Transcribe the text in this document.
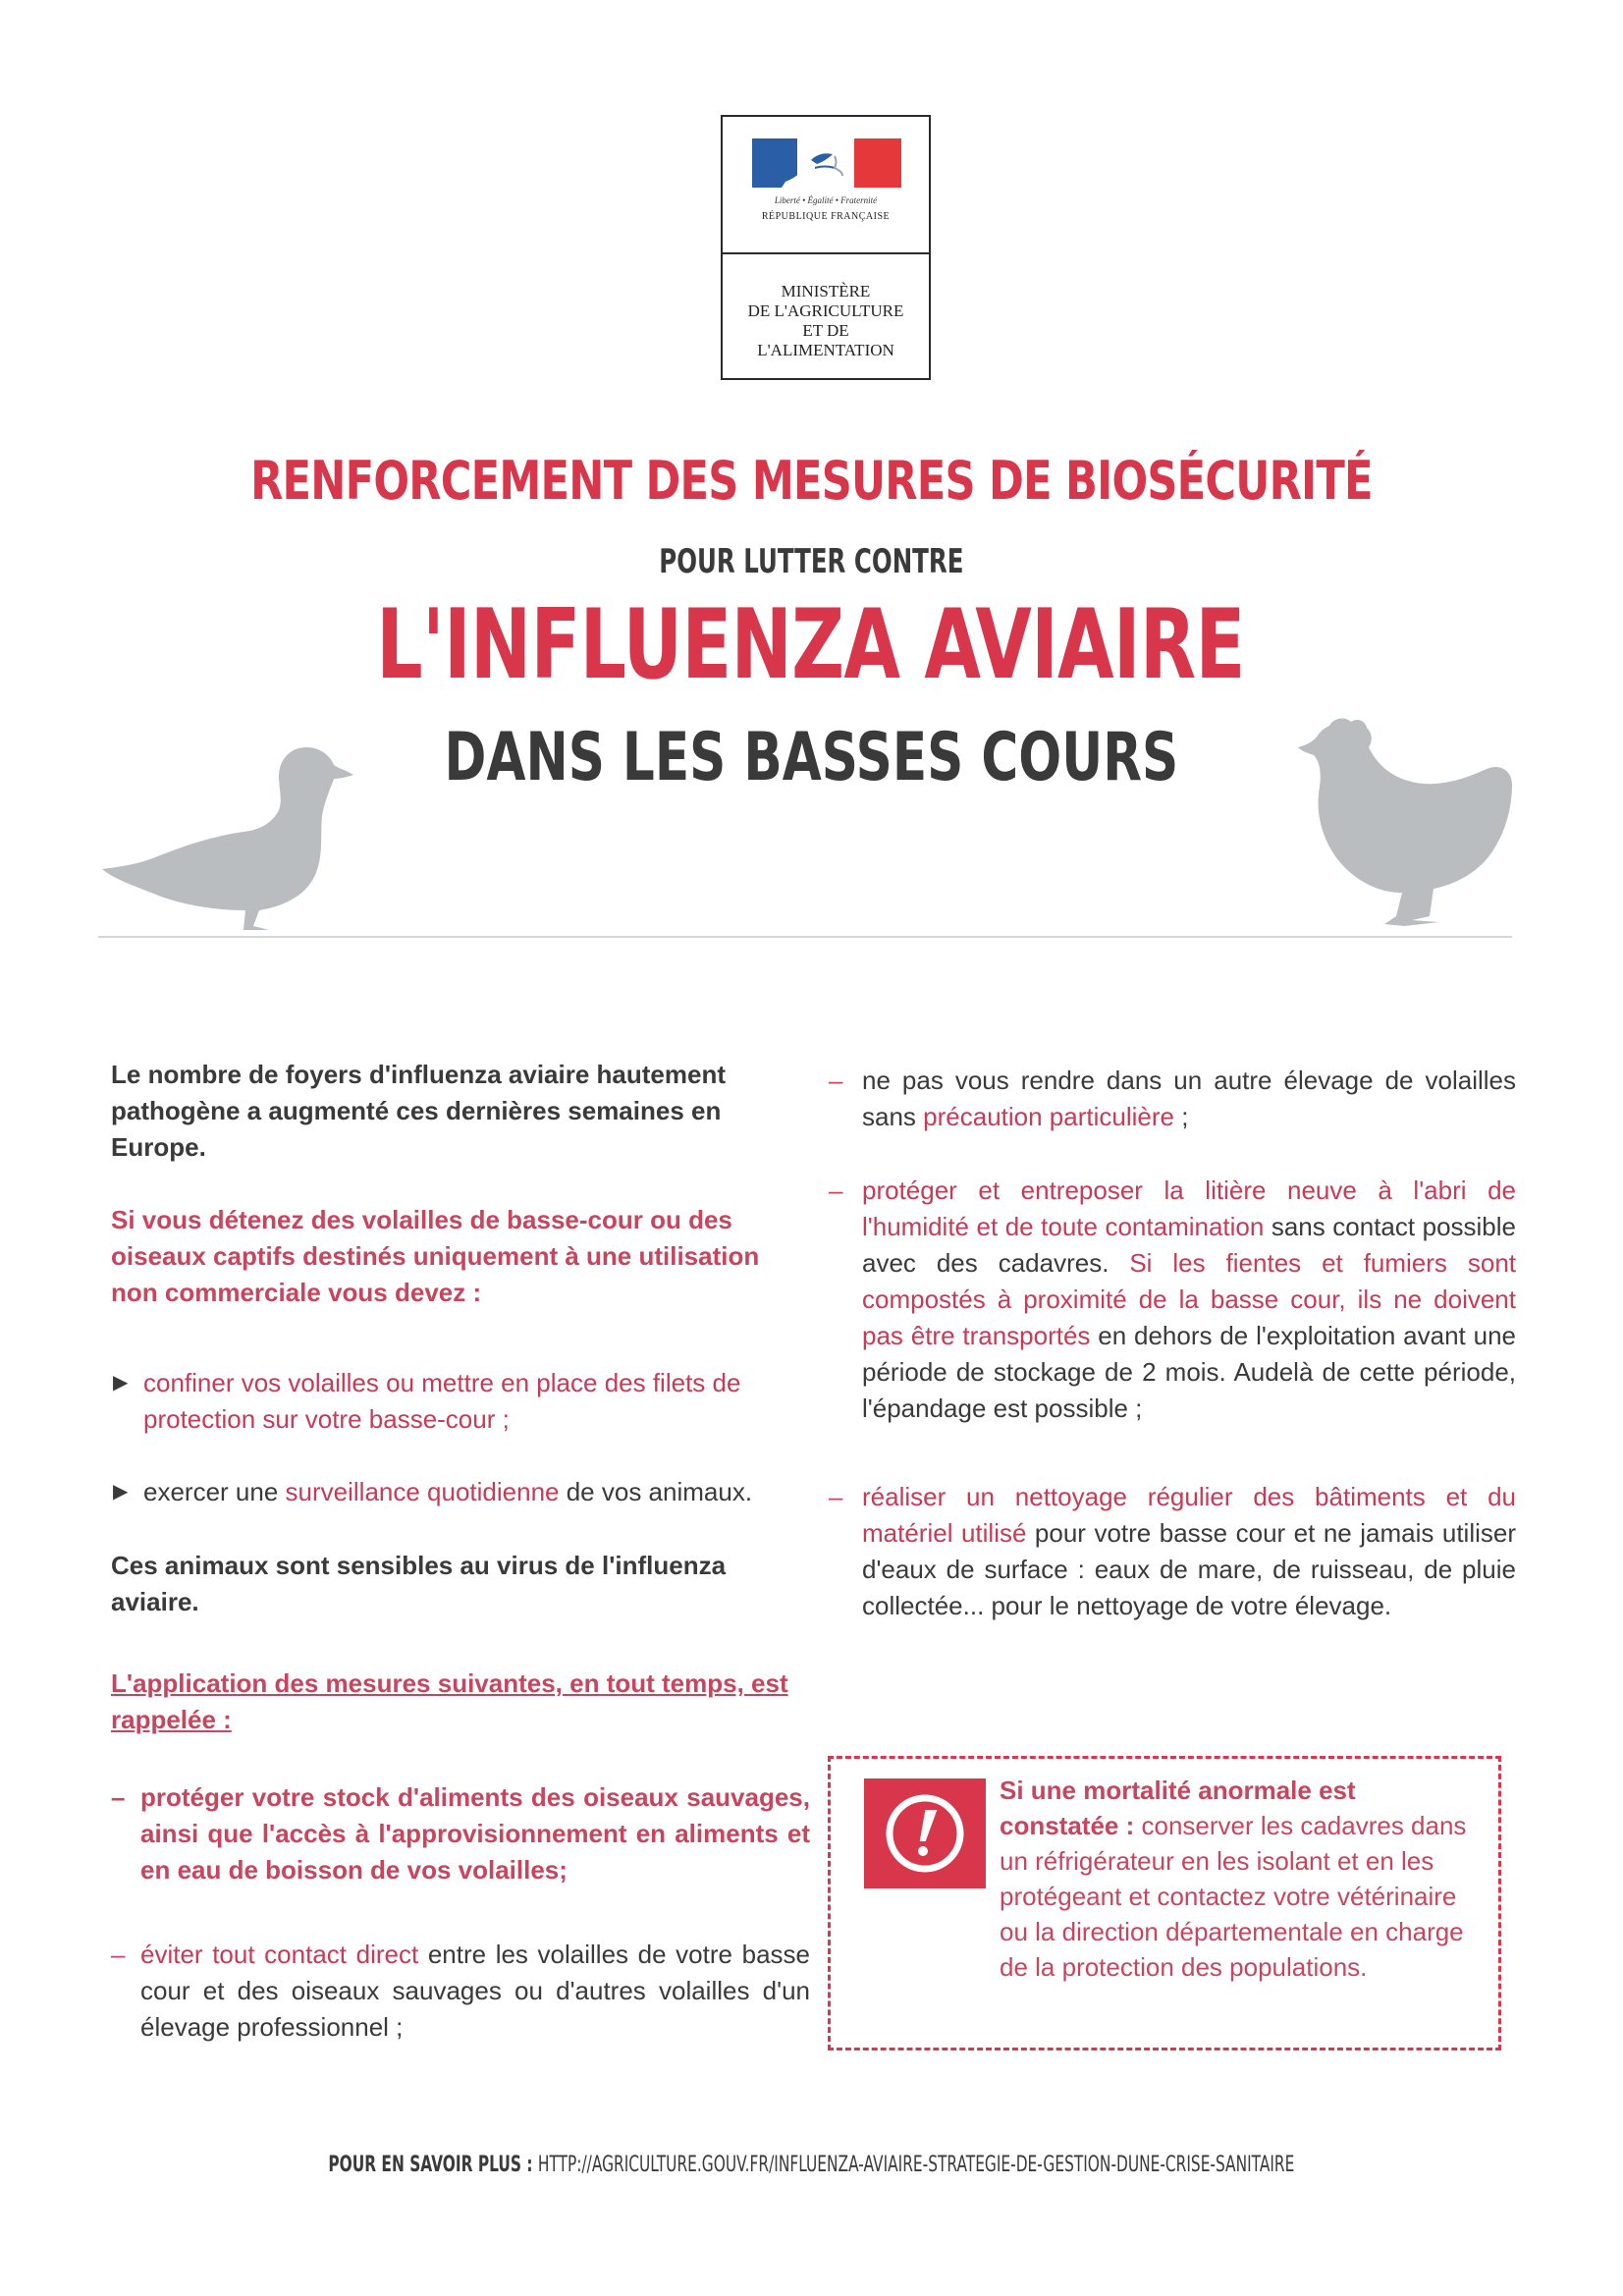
Liberté • Égalité • Fraternité
RÉPUBLIQUE FRANÇAISE
MINISTÈRE
DE L'AGRICULTURE
ET DE
L'ALIMENTATION
RENFORCEMENT DES MESURES DE BIOSÉCURITÉ
POUR LUTTER CONTRE
L'INFLUENZA AVIAIRE
DANS LES BASSES COURS
Le nombre de foyers d'influenza aviaire hautement pathogène a augmenté ces dernières semaines en Europe.
Si vous détenez des volailles de basse-cour ou des oiseaux captifs destinés uniquement à une utilisation non commerciale vous devez :
▶ confiner vos volailles ou mettre en place des filets de protection sur votre basse-cour ;
▶ exercer une surveillance quotidienne de vos animaux.
Ces animaux sont sensibles au virus de l'influenza aviaire.
L'application des mesures suivantes, en tout temps, est rappelée :
– protéger votre stock d'aliments des oiseaux sauvages, ainsi que l'accès à l'approvisionnement en aliments et en eau de boisson de vos volailles;
– éviter tout contact direct entre les volailles de votre basse cour et des oiseaux sauvages ou d'autres volailles d'un élevage professionnel ;
– ne pas vous rendre dans un autre élevage de volailles sans précaution particulière ;
– protéger et entreposer la litière neuve à l'abri de l'humidité et de toute contamination sans contact possible avec des cadavres. Si les fientes et fumiers sont compostés à proximité de la basse cour, ils ne doivent pas être transportés en dehors de l'exploitation avant une période de stockage de 2 mois. Audelà de cette période, l'épandage est possible ;
– réaliser un nettoyage régulier des bâtiments et du matériel utilisé pour votre basse cour et ne jamais utiliser d'eaux de surface : eaux de mare, de ruisseau, de pluie collectée... pour le nettoyage de votre élevage.
Si une mortalité anormale est constatée : conserver les cadavres dans un réfrigérateur en les isolant et en les protégeant et contactez votre vétérinaire ou la direction départementale en charge de la protection des populations.
POUR EN SAVOIR PLUS : HTTP://AGRICULTURE.GOUV.FR/INFLUENZA-AVIAIRE-STRATEGIE-DE-GESTION-DUNE-CRISE-SANITAIRE
